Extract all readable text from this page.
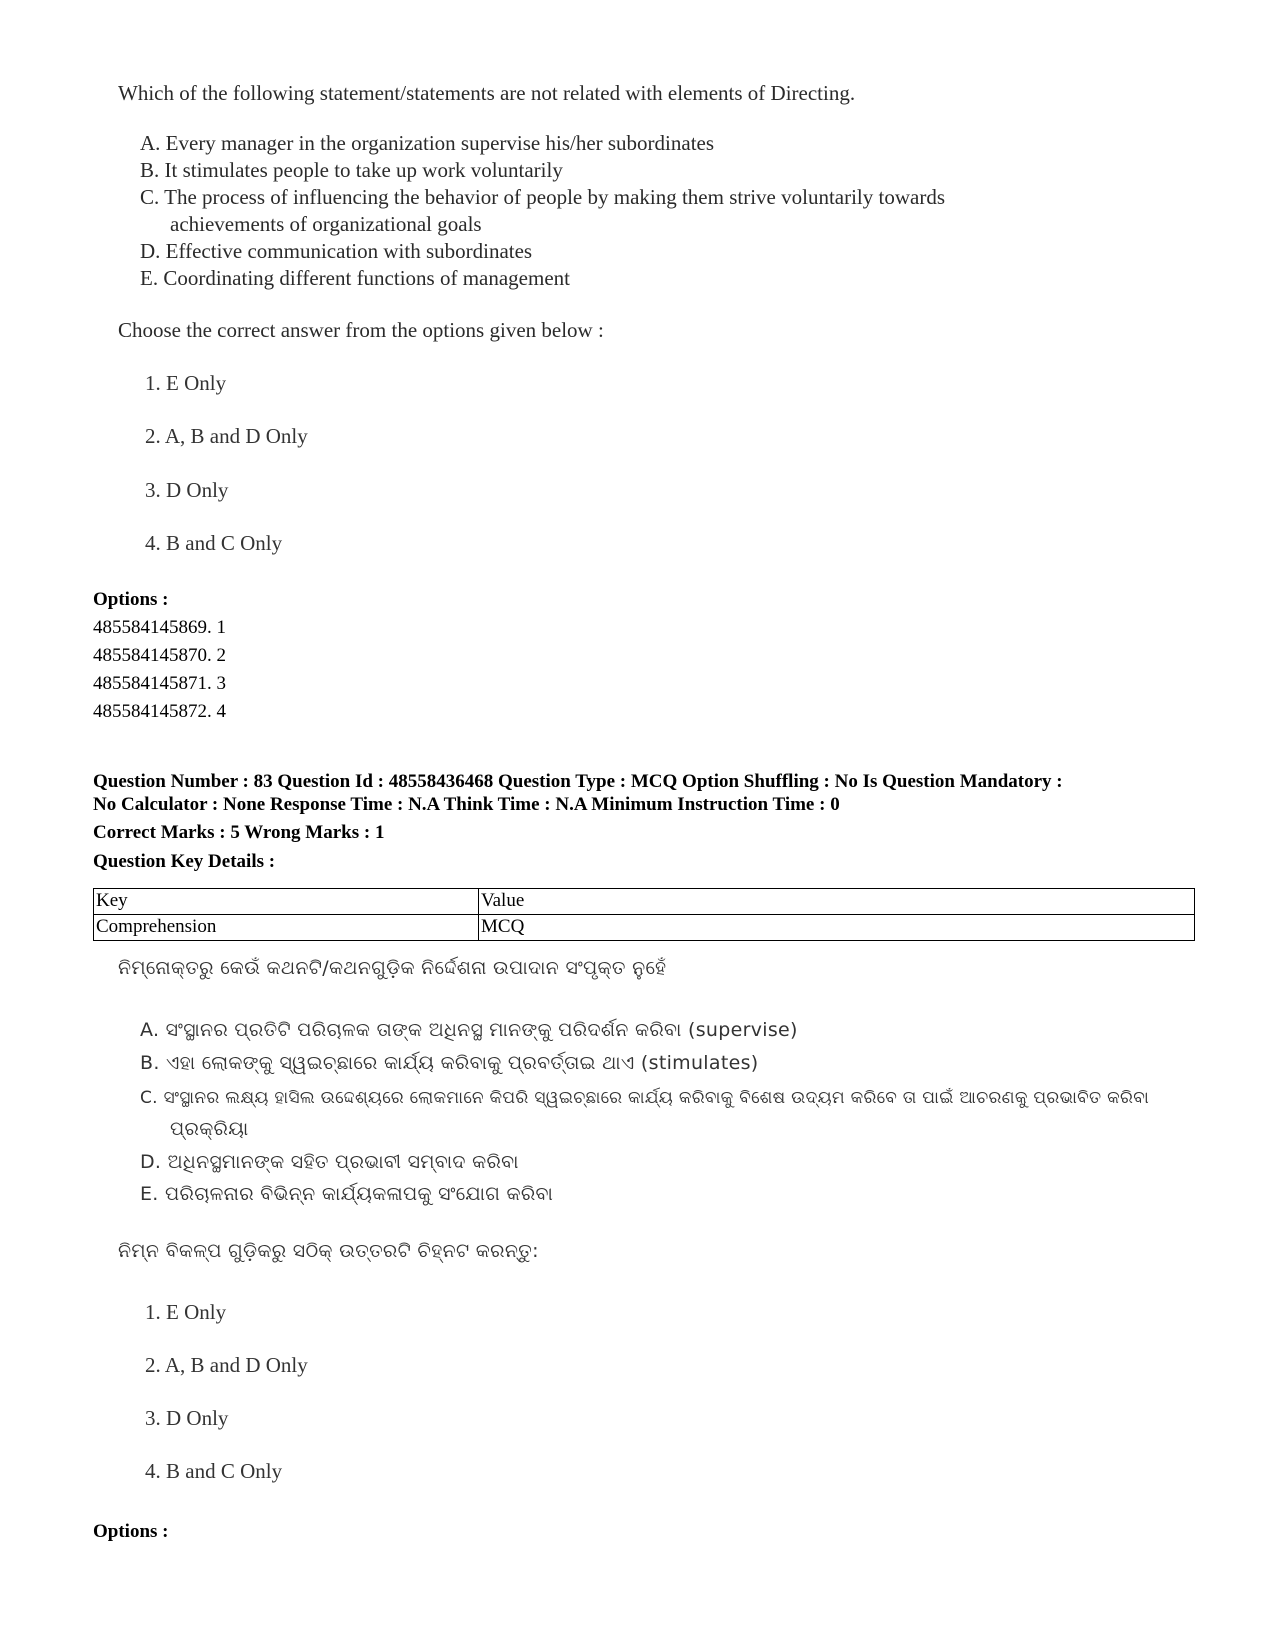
Which of the following statement/statements are not related with elements of Directing.
A. Every manager in the organization supervise his/her subordinates
B. It stimulates people to take up work voluntarily
C. The process of influencing the behavior of people by making them strive voluntarily towards
achievements of organizational goals
D. Effective communication with subordinates
E. Coordinating different functions of management
Choose the correct answer from the options given below :
1. E Only
2. A, B and D Only
3. D Only
4. B and C Only
Options :
485584145869. 1
485584145870. 2
485584145871. 3
485584145872. 4
Question Number : 83 Question Id : 48558436468 Question Type : MCQ Option Shuffling : No Is Question Mandatory :
No Calculator : None Response Time : N.A Think Time : N.A Minimum Instruction Time : 0
Correct Marks : 5 Wrong Marks : 1
Question Key Details :
Key	Value
Comprehension	MCQ
ନିମ୍ନୋକ୍ତରୁ କେଉଁ କଥନଟି/କଥନଗୁଡ଼ିକ ନିର୍ଦ୍ଦେଶନା ଉପାଦାନ ସଂପୃକ୍ତ ନୁହେଁ
A. ସଂସ୍ଥାନର ପ୍ରତିଟି ପରିଚାଳକ ତାଙ୍କ ଅଧିନସ୍ଥ ମାନଙ୍କୁ ପରିଦର୍ଶନ କରିବା (supervise)
B. ଏହା ଲୋକଙ୍କୁ ସ୍ୱଇଚ୍ଛାରେ କାର୍ଯ୍ୟ କରିବାକୁ ପ୍ରବର୍ତ୍ତାଇ ଥାଏ (stimulates)
C. ସଂସ୍ଥାନର ଲକ୍ଷ୍ୟ ହାସିଲ ଉଦ୍ଦେଶ୍ୟରେ ଲୋକମାନେ କିପରି ସ୍ୱଇଚ୍ଛାରେ କାର୍ଯ୍ୟ କରିବାକୁ ବିଶେଷ ଉଦ୍ୟମ କରିବେ ତା ପାଇଁ ଆଚରଣକୁ ପ୍ରଭାବିତ କରିବା
ପ୍ରକ୍ରିୟା
D. ଅଧିନସ୍ଥମାନଙ୍କ ସହିତ ପ୍ରଭାବୀ ସମ୍ବାଦ କରିବା
E. ପରିଚାଳନାର ବିଭିନ୍ନ କାର୍ଯ୍ୟକଳାପକୁ ସଂଯୋଗ କରିବା
ନିମ୍ନ ବିକଳ୍ପ ଗୁଡ଼ିକରୁ ସଠିକ୍ ଉତ୍ତରଟି ଚିହ୍ନଟ କରନ୍ତୁ:
1. E Only
2. A, B and D Only
3. D Only
4. B and C Only
Options :
